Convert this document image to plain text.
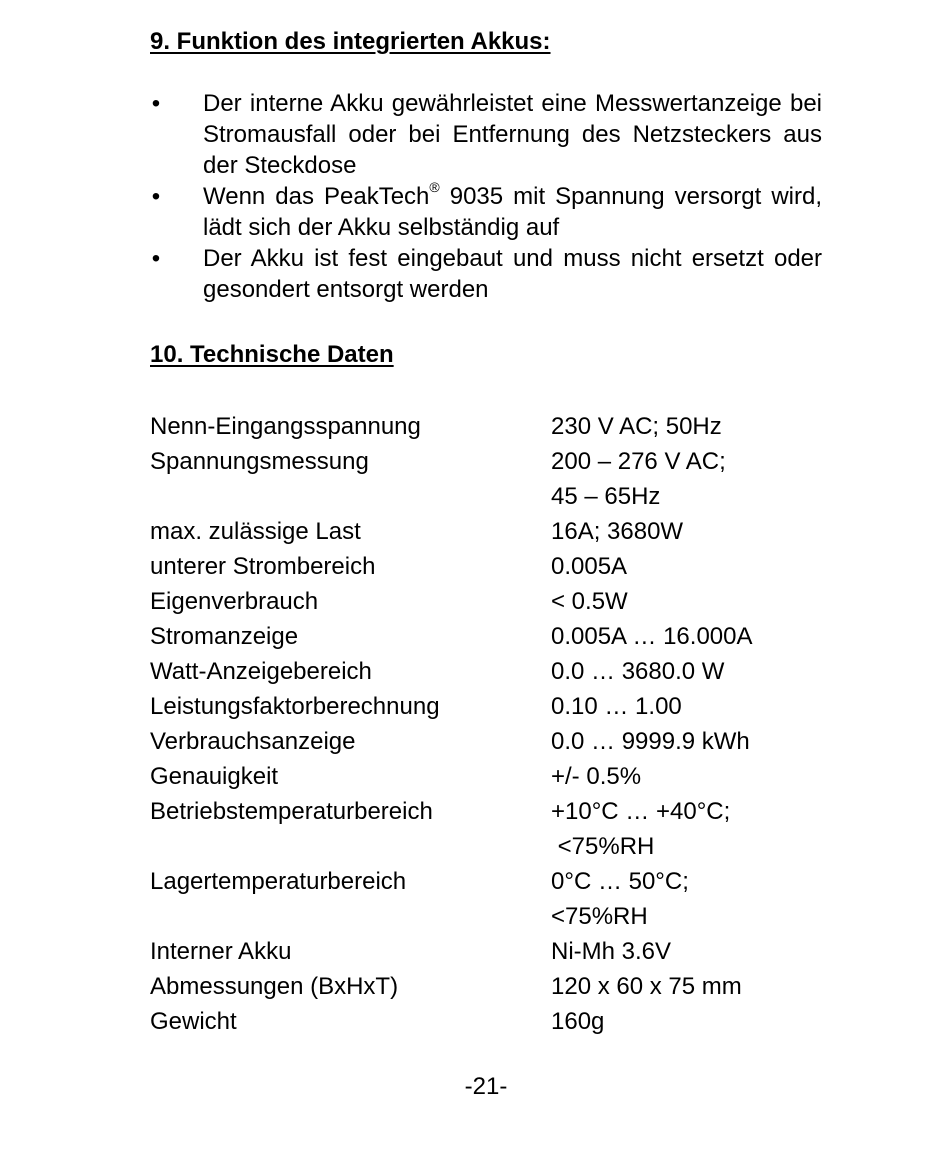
9. Funktion des integrierten Akkus:
• Der interne Akku gewährleistet eine Messwertanzeige bei Stromausfall oder bei Entfernung des Netzsteckers aus der Steckdose
• Wenn das PeakTech® 9035 mit Spannung versorgt wird, lädt sich der Akku selbständig auf
• Der Akku ist fest eingebaut und muss nicht ersetzt oder gesondert entsorgt werden
10. Technische Daten
Nenn-Eingangsspannung	230 V AC; 50Hz
Spannungsmessung	200 – 276 V AC;
45 – 65Hz
max. zulässige Last	16A; 3680W
unterer Strombereich	0.005A
Eigenverbrauch	< 0.5W
Stromanzeige	0.005A … 16.000A
Watt-Anzeigebereich	0.0 … 3680.0 W
Leistungsfaktorberechnung	0.10 … 1.00
Verbrauchsanzeige	0.0 … 9999.9 kWh
Genauigkeit	+/- 0.5%
Betriebstemperaturbereich	+10°C … +40°C;
<75%RH
Lagertemperaturbereich	0°C … 50°C;
<75%RH
Interner Akku	Ni-Mh 3.6V
Abmessungen (BxHxT)	120 x 60 x 75 mm
Gewicht	160g
-21-
